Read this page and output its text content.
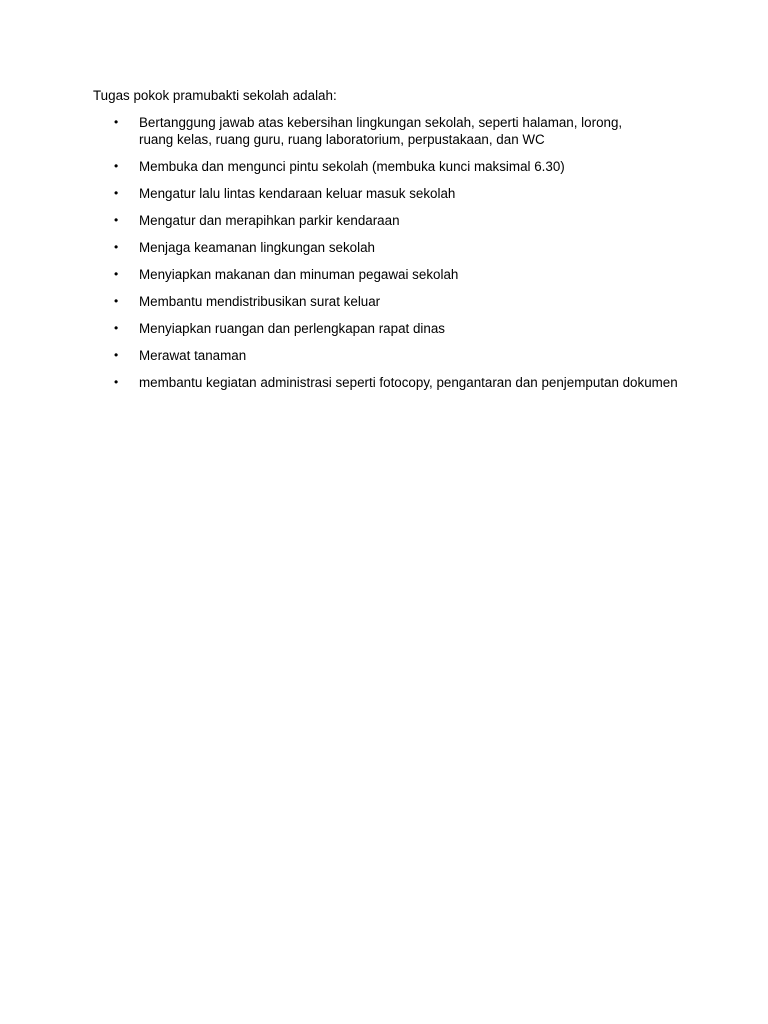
Tugas pokok pramubakti sekolah adalah:

• Bertanggung jawab atas kebersihan lingkungan sekolah, seperti halaman, lorong, ruang kelas, ruang guru, ruang laboratorium, perpustakaan, dan WC
• Membuka dan mengunci pintu sekolah (membuka kunci maksimal 6.30)
• Mengatur lalu lintas kendaraan keluar masuk sekolah
• Mengatur dan merapihkan parkir kendaraan
• Menjaga keamanan lingkungan sekolah
• Menyiapkan makanan dan minuman pegawai sekolah
• Membantu mendistribusikan surat keluar
• Menyiapkan ruangan dan perlengkapan rapat dinas
• Merawat tanaman
• membantu kegiatan administrasi seperti fotocopy, pengantaran dan penjemputan dokumen
